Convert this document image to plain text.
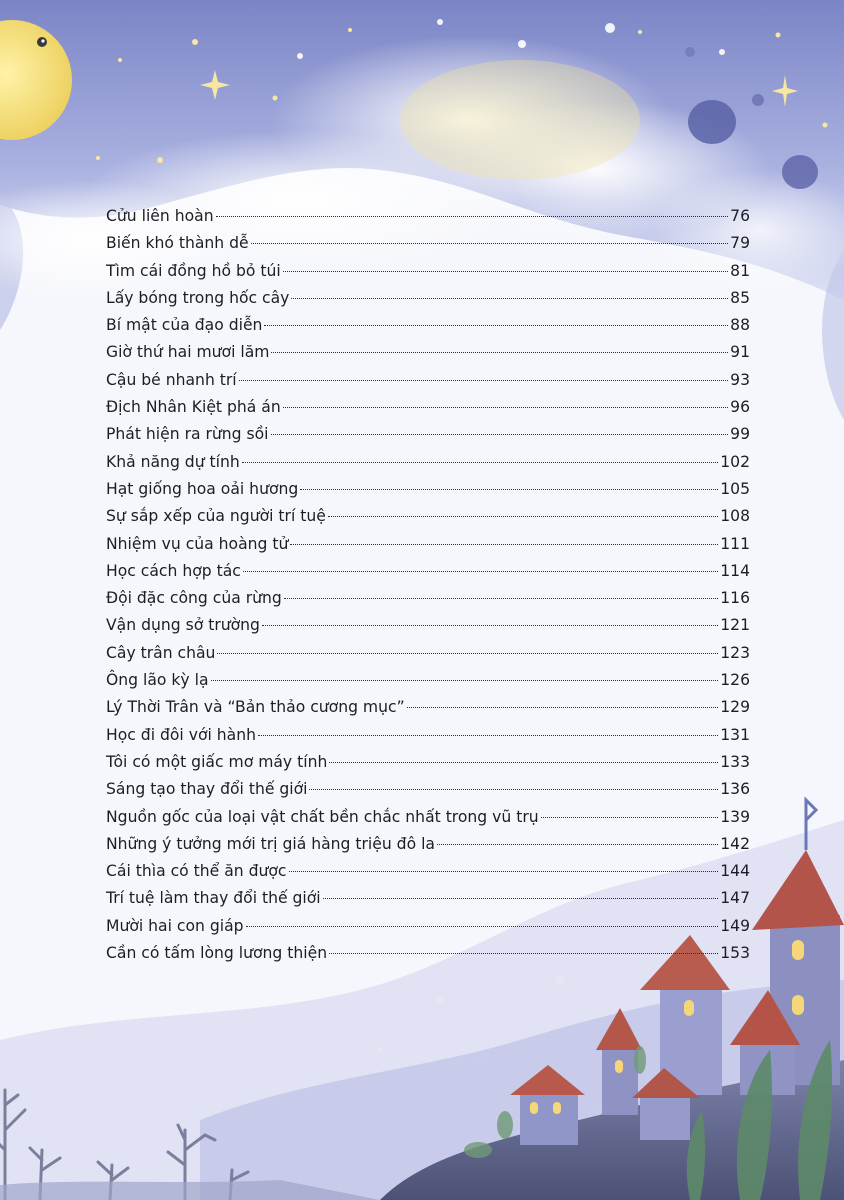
Cửu liên hoàn	76
Biến khó thành dễ	79
Tìm cái đồng hồ bỏ túi	81
Lấy bóng trong hốc cây	85
Bí mật của đạo diễn	88
Giờ thứ hai mươi lăm	91
Cậu bé nhanh trí	93
Địch Nhân Kiệt phá án	96
Phát hiện ra rừng sồi	99
Khả năng dự tính	102
Hạt giống hoa oải hương	105
Sự sắp xếp của người trí tuệ	108
Nhiệm vụ của hoàng tử	111
Học cách hợp tác	114
Đội đặc công của rừng	116
Vận dụng sở trường	121
Cây trân châu	123
Ông lão kỳ lạ	126
Lý Thời Trân và “Bản thảo cương mục”	129
Học đi đôi với hành	131
Tôi có một giấc mơ máy tính	133
Sáng tạo thay đổi thế giới	136
Nguồn gốc của loại vật chất bền chắc nhất trong vũ trụ	139
Những ý tưởng mới trị giá hàng triệu đô la	142
Cái thìa có thể ăn được	144
Trí tuệ làm thay đổi thế giới	147
Mười hai con giáp	149
Cần có tấm lòng lương thiện	153
